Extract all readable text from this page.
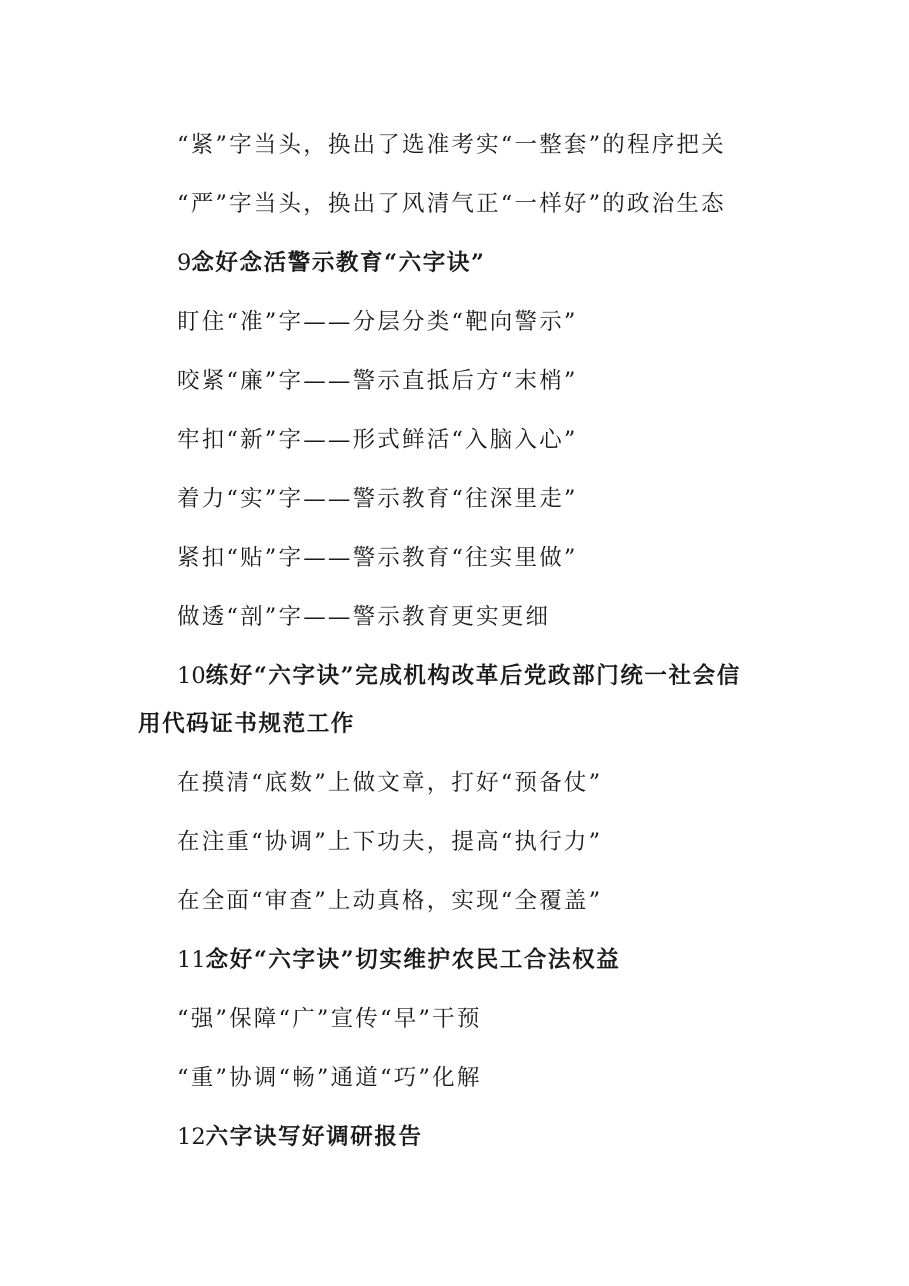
“紧”字当头，换出了选准考实“一整套”的程序把关
“严”字当头，换出了风清气正“一样好”的政治生态
9念好念活警示教育“六字诀”
盯住“准”字——分层分类“靶向警示”
咬紧“廉”字——警示直抵后方“末梢”
牢扣“新”字——形式鲜活“入脑入心”
着力“实”字——警示教育“往深里走”
紧扣“贴”字——警示教育“往实里做”
做透“剖”字——警示教育更实更细
10练好“六字诀”完成机构改革后党政部门统一社会信
用代码证书规范工作
在摸清“底数”上做文章，打好“预备仗”
在注重“协调”上下功夫，提高“执行力”
在全面“审查”上动真格，实现“全覆盖”
11念好“六字诀”切实维护农民工合法权益
“强”保障“广”宣传“早”干预
“重”协调“畅”通道“巧”化解
12六字诀写好调研报告
